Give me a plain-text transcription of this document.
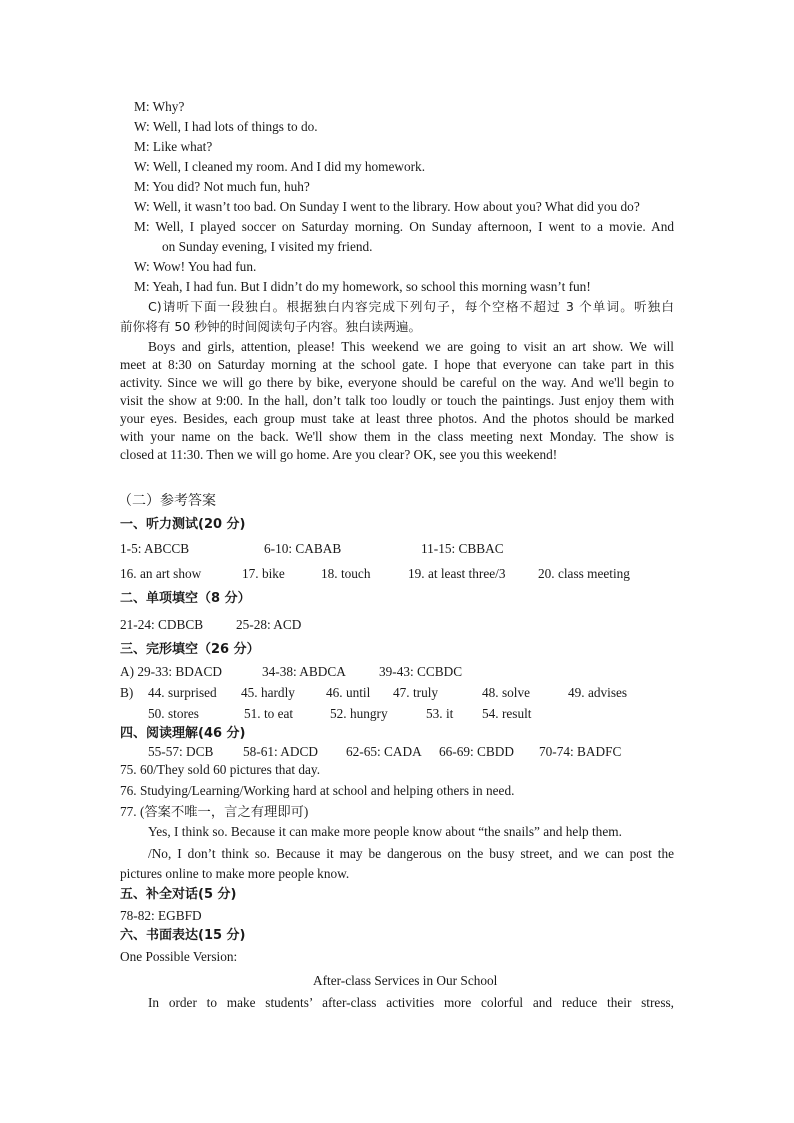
M: Why?
W: Well, I had lots of things to do.
M: Like what?
W: Well, I cleaned my room. And I did my homework.
M: You did? Not much fun, huh?
W: Well, it wasn’t too bad. On Sunday I went to the library. How about you? What did you do?
M: Well, I played soccer on Saturday morning. On Sunday afternoon, I went to a movie. And
on Sunday evening, I visited my friend.
W: Wow! You had fun.
M: Yeah, I had fun. But I didn’t do my homework, so school this morning wasn’t fun!
C)请听下面一段独白。根据独白内容完成下列句子，每个空格不超过 3 个单词。听独白
前你将有 50 秒钟的时间阅读句子内容。独白读两遍。
Boys and girls, attention, please! This weekend we are going to visit an art show. We will
meet at 8:30 on Saturday morning at the school gate. I hope that everyone can take part in this
activity. Since we will go there by bike, everyone should be careful on the way. And we'll begin to
visit the show at 9:00. In the hall, don’t talk too loudly or touch the paintings. Just enjoy them with
your eyes. Besides, each group must take at least three photos. And the photos should be marked
with your name on the back. We'll show them in the class meeting next Monday. The show is
closed at 11:30. Then we will go home. Are you clear? OK, see you this weekend!
（二）参考答案
一、听力测试(20 分)
1-5: ABCCB	6-10: CABAB	11-15: CBBAC
16. an art show	17. bike	18. touch	19. at least three/3 20. class meeting
二、单项填空（8 分）
21-24: CDBCB 25-28: ACD
三、完形填空（26 分）
A) 29-33: BDACD	34-38: ABDCA 39-43: CCBDC
B) 44. surprised 45. hardly 46. until 47. truly	48. solve	49. advises
50. stores	51. to eat	52. hungry	53. it 54. result
四、阅读理解(46 分)
55-57: DCB 58-61: ADCD 62-65: CADA 66-69: CBDD 70-74: BADFC
75. 60/They sold 60 pictures that day.
76. Studying/Learning/Working hard at school and helping others in need.
77. (答案不唯一，言之有理即可)
Yes, I think so. Because it can make more people know about “the snails” and help them.
/No, I don’t think so. Because it may be dangerous on the busy street, and we can post the
pictures online to make more people know.
五、补全对话(5 分)
78-82: EGBFD
六、书面表达(15 分)
One Possible Version:
After-class Services in Our School
In order to make students’ after-class activities more colorful and reduce their stress,
